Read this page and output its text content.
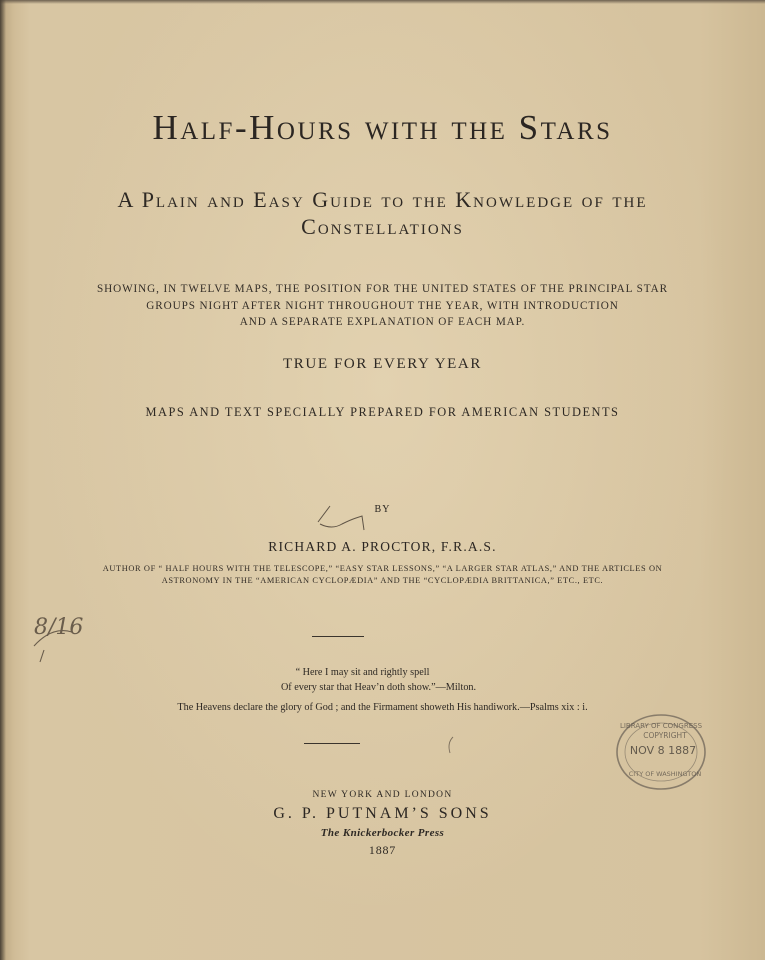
Half-Hours with the Stars
A Plain and Easy Guide to the Knowledge of the
Constellations
SHOWING, IN TWELVE MAPS, THE POSITION FOR THE UNITED STATES OF THE PRINCIPAL STAR
GROUPS NIGHT AFTER NIGHT THROUGHOUT THE YEAR, WITH INTRODUCTION
AND A SEPARATE EXPLANATION OF EACH MAP.
TRUE FOR EVERY YEAR
MAPS AND TEXT SPECIALLY PREPARED FOR AMERICAN STUDENTS
BY
RICHARD A. PROCTOR, F.R.A.S.
AUTHOR OF “ HALF HOURS WITH THE TELESCOPE,” “EASY STAR LESSONS,” “A LARGER STAR ATLAS,” AND THE ARTICLES ON
ASTRONOMY IN THE “AMERICAN CYCLOPÆDIA” AND THE “CYCLOPÆDIA BRITTANICA,” ETC., ETC.
8/16
“ Here I may sit and rightly spell
Of every star that Heav’n doth show.”—Milton.
The Heavens declare the glory of God ; and the Firmament showeth His handiwork.—Psalms xix : i.
LIBRARY OF CONGRESS
COPYRIGHT
NOV 8 1887
CITY OF WASHINGTON
NEW YORK AND LONDON
G. P. PUTNAM’S SONS
The Knickerbocker Press
1887
